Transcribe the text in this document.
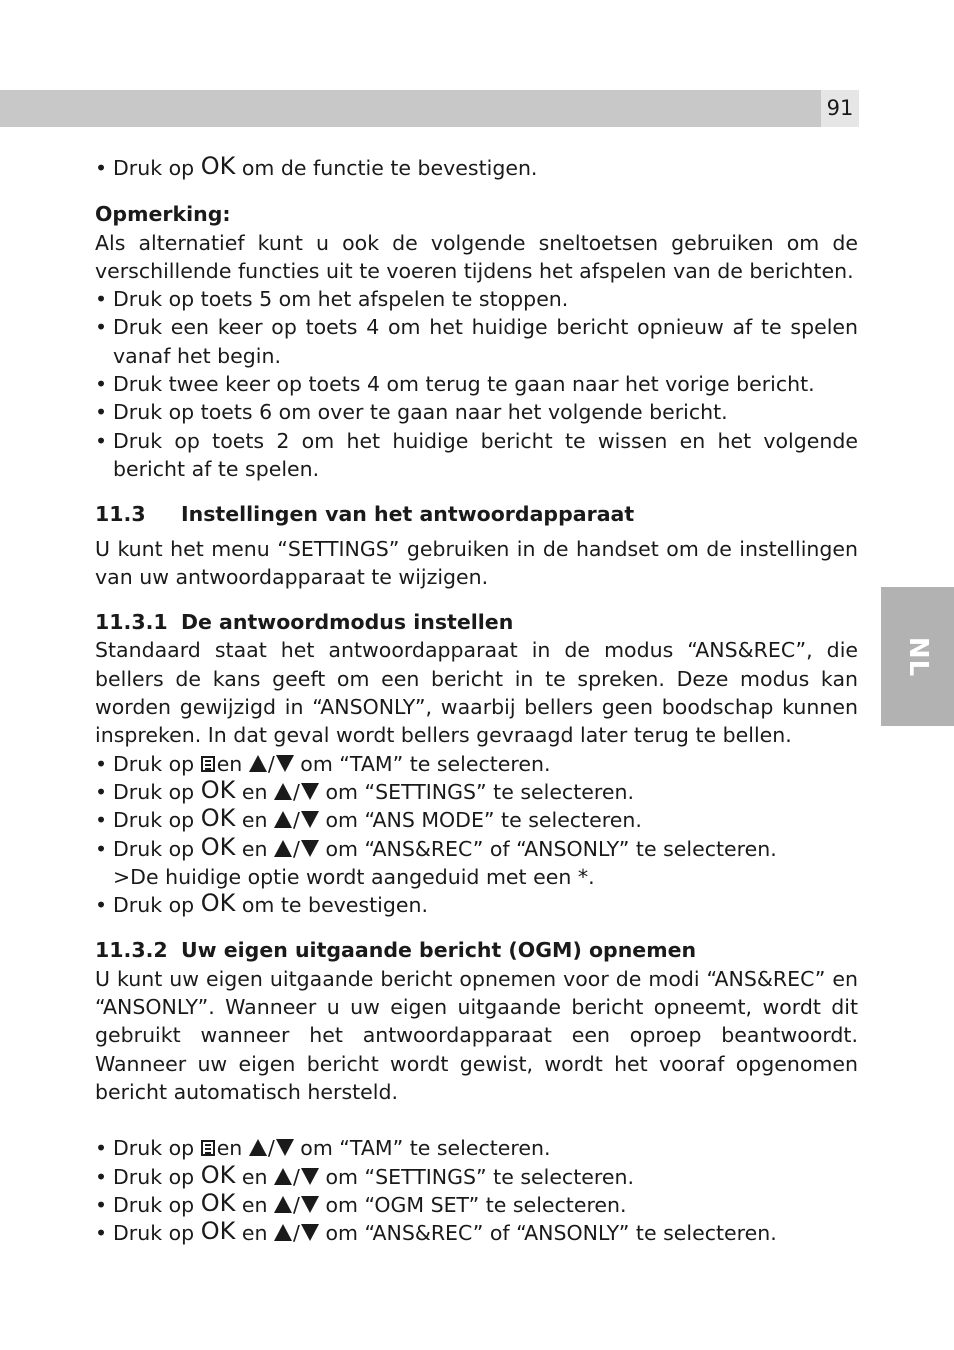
91
NL
• Druk op OK om de functie te bevestigen.

Opmerking:

Als alternatief kunt u ook de volgende sneltoetsen gebruiken om de verschillende functies uit te voeren tijdens het afspelen van de berichten.

• Druk op toets 5 om het afspelen te stoppen.
• Druk een keer op toets 4 om het huidige bericht opnieuw af te spelen vanaf het begin.
• Druk twee keer op toets 4 om terug te gaan naar het vorige bericht.
• Druk op toets 6 om over te gaan naar het volgende bericht.
• Druk op toets 2 om het huidige bericht te wissen en het volgende bericht af te spelen.

11.3 Instellingen van het antwoordapparaat

U kunt het menu “SETTINGS” gebruiken in de handset om de instellingen van uw antwoordapparaat te wijzigen.

11.3.1 De antwoordmodus instellen

Standaard staat het antwoordapparaat in de modus “ANS&REC”, die bellers de kans geeft om een bericht in te spreken. Deze modus kan worden gewijzigd in “ANSONLY”, waarbij bellers geen boodschap kunnen inspreken. In dat geval wordt bellers gevraagd later terug te bellen.

• Druk op en / om “TAM” te selecteren.
• Druk op OK en / om “SETTINGS” te selecteren.
• Druk op OK en / om “ANS MODE” te selecteren.
• Druk op OK en / om “ANS&REC” of “ANSONLY” te selecteren.

>De huidige optie wordt aangeduid met een *.

• Druk op OK om te bevestigen.

11.3.2 Uw eigen uitgaande bericht (OGM) opnemen

U kunt uw eigen uitgaande bericht opnemen voor de modi “ANS&REC” en “ANSONLY”. Wanneer u uw eigen uitgaande bericht opneemt, wordt dit gebruikt wanneer het antwoordapparaat een oproep beantwoordt. Wanneer uw eigen bericht wordt gewist, wordt het vooraf opgenomen bericht automatisch hersteld.

• Druk op en / om “TAM” te selecteren.
• Druk op OK en / om “SETTINGS” te selecteren.
• Druk op OK en / om “OGM SET” te selecteren.
• Druk op OK en / om “ANS&REC” of “ANSONLY” te selecteren.
